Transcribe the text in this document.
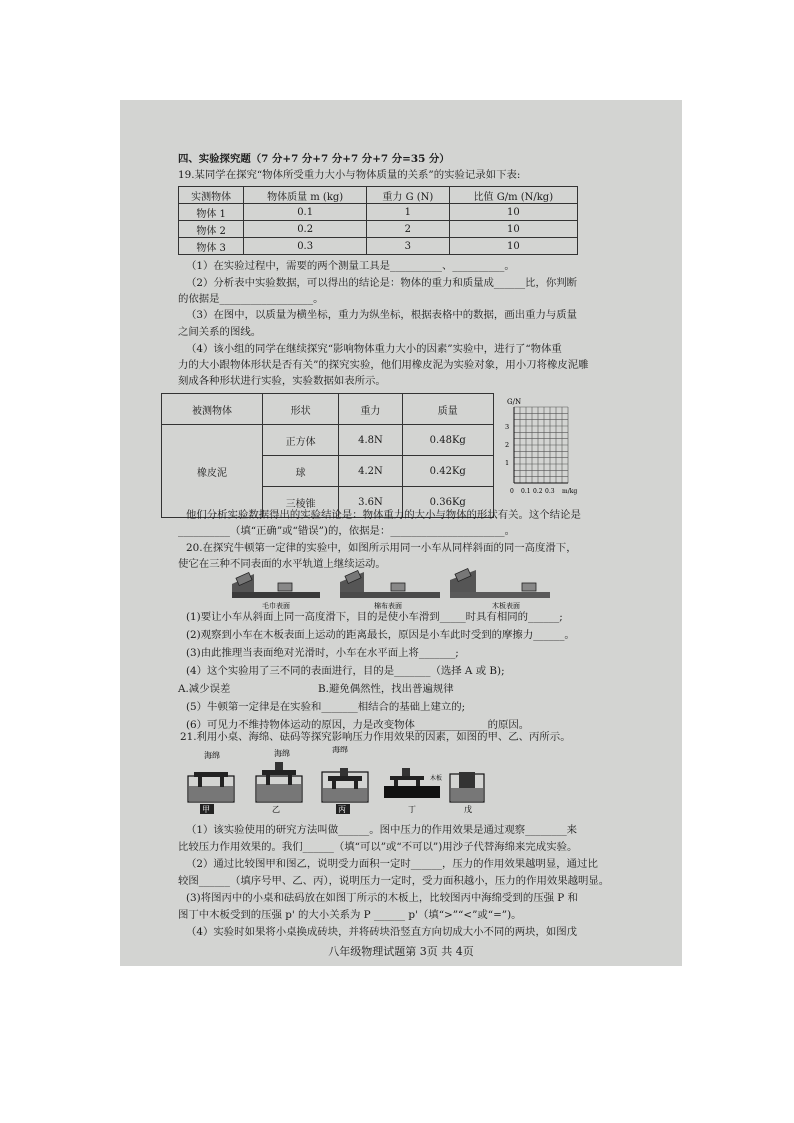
四、实验探究题（7 分+7 分+7 分+7 分+7 分=35 分）
19.某同学在探究“物体所受重力大小与物体质量的关系”的实验记录如下表:
实测物体	物体质量 m (kg)	重力 G (N)	比值 G/m (N/kg)
物体 1	0.1	1	10
物体 2	0.2	2	10
物体 3	0.3	3	10
（1）在实验过程中，需要的两个测量工具是__________、__________。
（2）分析表中实验数据，可以得出的结论是：物体的重力和质量成______比，你判断
的依据是__________________。
（3）在图中，以质量为横坐标，重力为纵坐标，根据表格中的数据，画出重力与质量
之间关系的图线。
（4）该小组的同学在继续探究“影响物体重力大小的因素”实验中，进行了“物体重
力的大小跟物体形状是否有关”的探究实验，他们用橡皮泥为实验对象，用小刀将橡皮泥雕
刻成各种形状进行实验，实验数据如表所示。
被测物体	形状	重力	质量
橡皮泥	正方体	4.8N	0.48Kg
	球	4.2N	0.42Kg
	三棱锥	3.6N	0.36Kg
G/N
3
2
1
0 0.1 0.2 0.3 m/kg
他们分析实验数据得出的实验结论是：物体重力的大小与物体的形状有关。这个结论是
__________（填“正确”或“错误”)的，依据是：______________________。
20.在探究牛顿第一定律的实验中，如图所示用同一小车从同样斜面的同一高度滑下，
使它在三种不同表面的水平轨道上继续运动。
毛巾表面	棉布表面	木板表面
(1)要让小车从斜面上同一高度滑下，目的是使小车滑到_____时具有相同的______;
(2)观察到小车在木板表面上运动的距离最长，原因是小车此时受到的摩擦力______。
(3)由此推理当表面绝对光滑时，小车在水平面上将_______;
(4）这个实验用了三不同的表面进行，目的是_______（选择 A 或 B);
A.减少误差	B.避免偶然性，找出普遍规律
(5）牛顿第一定律是在实验和_______相结合的基础上建立的;
(6）可见力不维持物体运动的原因，力是改变物体______________的原因。
21.利用小桌、海绵、砝码等探究影响压力作用效果的因素，如图的甲、乙、丙所示。
海绵
甲
海绵
乙
海绵
丙
木板
丁	戊
（1）该实验使用的研究方法叫做______。图中压力的作用效果是通过观察________来
比较压力作用效果的。我们______（填“可以”或“不可以”)用沙子代替海绵来完成实验。
（2）通过比较图甲和图乙，说明受力面积一定时______，压力的作用效果越明显，通过比
较图______（填序号甲、乙、丙），说明压力一定时，受力面积越小，压力的作用效果越明显。
(3)将图丙中的小桌和砝码放在如图丁所示的木板上，比较图丙中海绵受到的压强 P 和
图丁中木板受到的压强 p' 的大小关系为 P ______ p'（填“>”“<”或“=”)。
（4）实验时如果将小桌换成砖块，并将砖块沿竖直方向切成大小不同的两块，如图戊
八年级物理试题第 3页 共 4页
